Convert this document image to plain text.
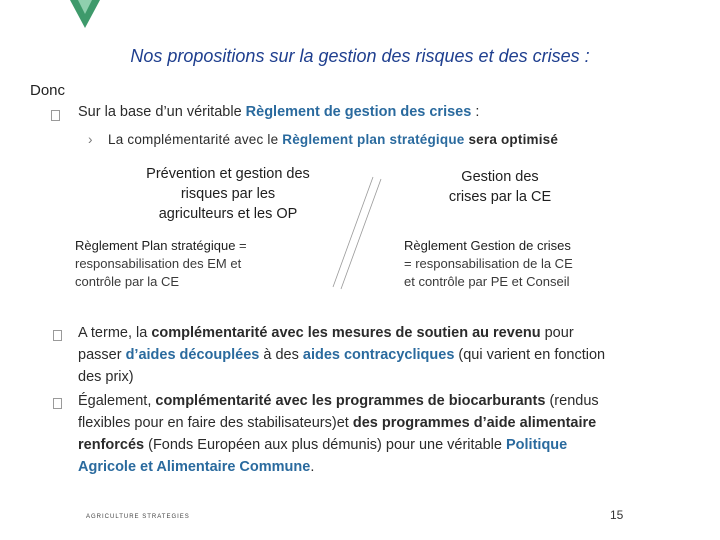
Nos propositions sur la gestion des risques et des crises :
Donc
Sur la base d’un véritable Règlement de gestion des crises :
› La complémentarité avec le Règlement plan stratégique sera optimisé
Prévention et gestion des
risques par les
agriculteurs et les OP
Gestion des
crises par la CE
Règlement Plan stratégique =
responsabilisation des EM et
contrôle par la CE
Règlement Gestion de crises
= responsabilisation de la CE
et contrôle par PE et Conseil
A terme, la complémentarité avec les mesures de soutien au revenu pour
passer d’aides découplées à des aides contracycliques (qui varient en fonction
des prix)
Également, complémentarité avec les programmes de biocarburants (rendus
flexibles pour en faire des stabilisateurs)et des programmes d’aide alimentaire
renforcés (Fonds Européen aux plus démunis) pour une véritable Politique
Agricole et Alimentaire Commune.
AGRICULTURE STRATEGIES	15
